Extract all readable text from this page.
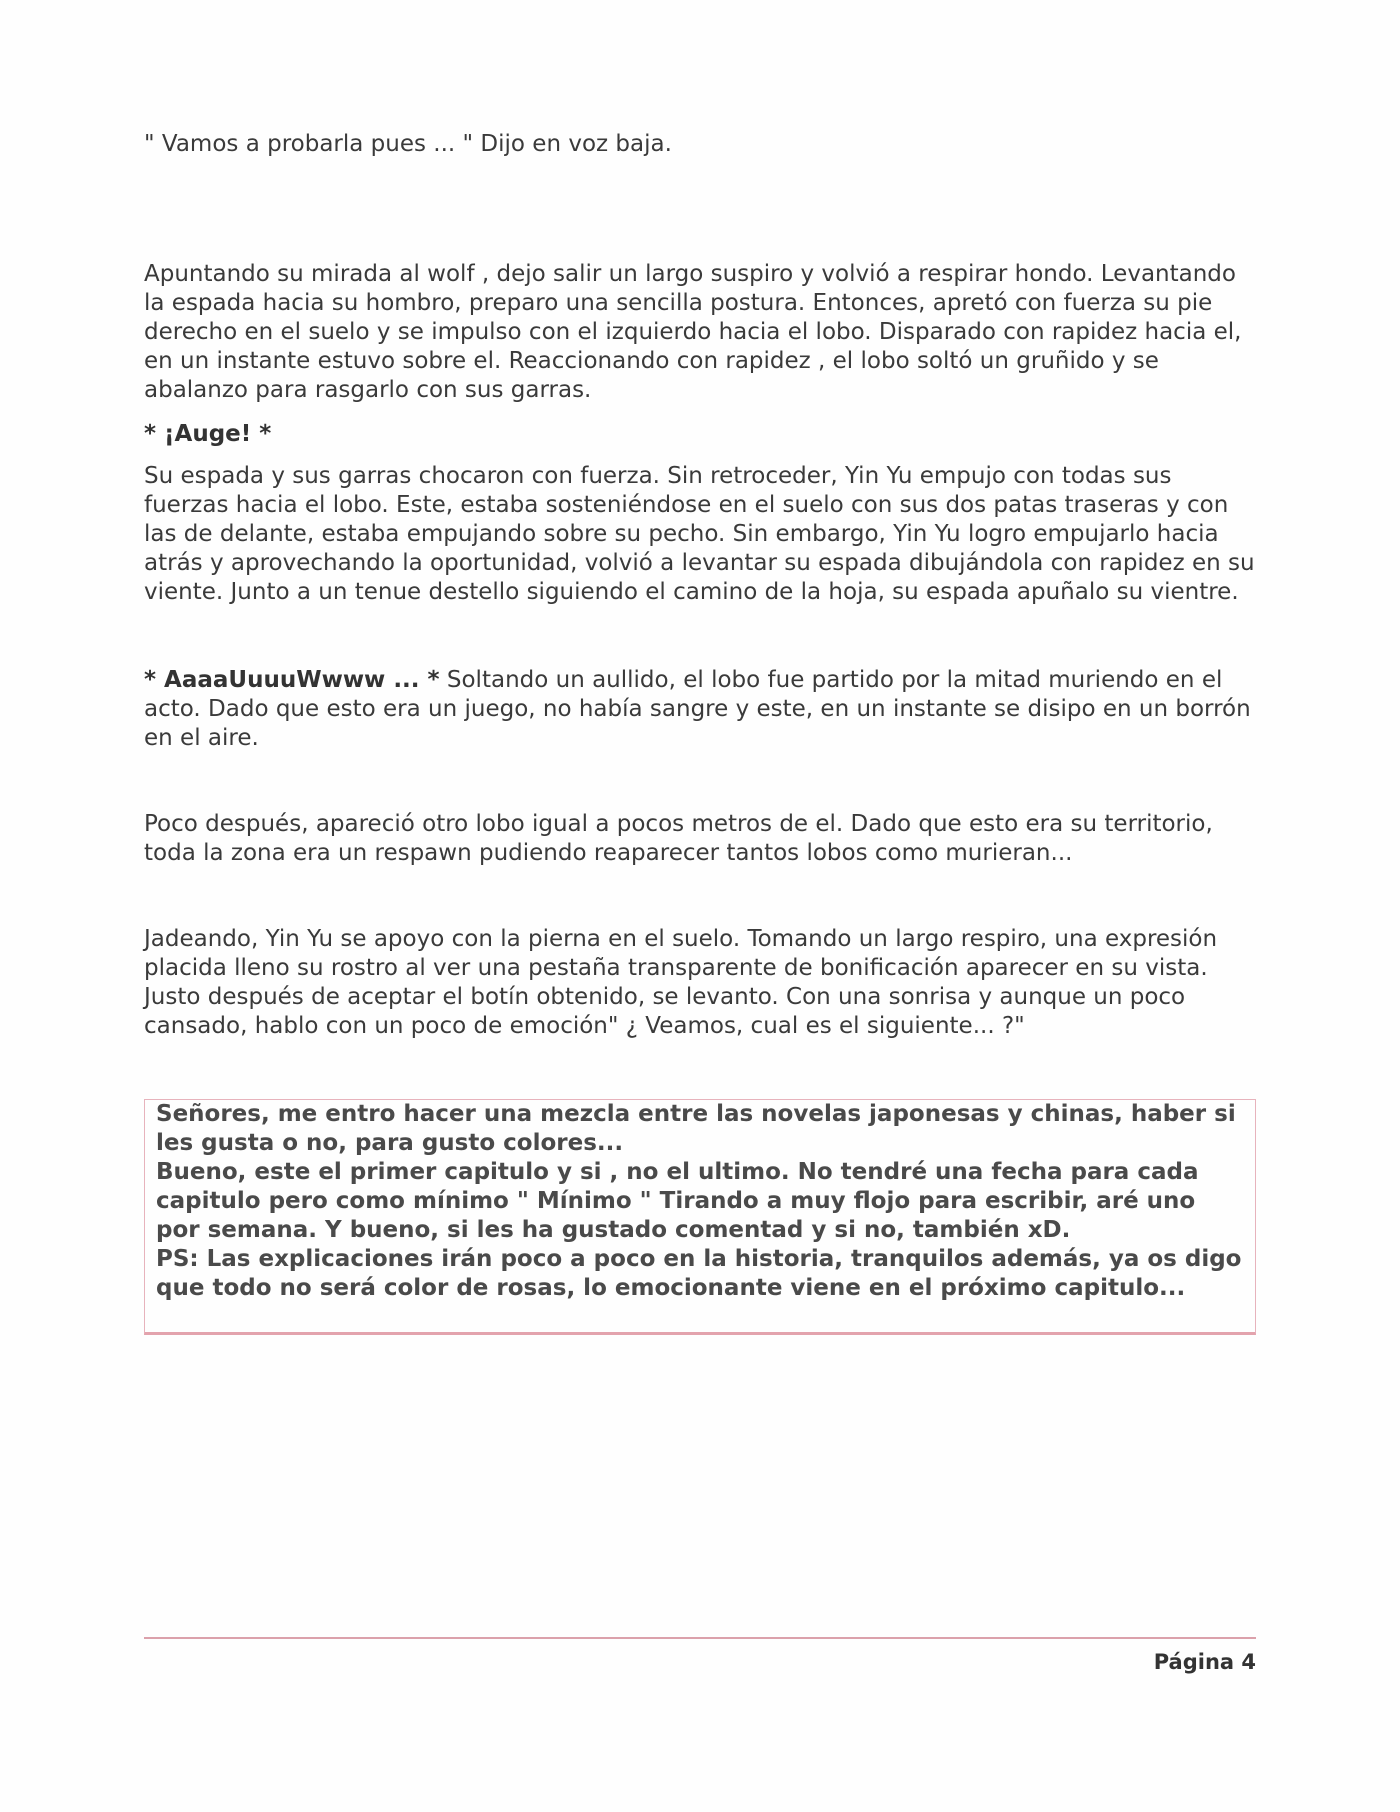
" Vamos a probarla pues ... " Dijo en voz baja.

Apuntando su mirada al wolf , dejo salir un largo suspiro y volvió a respirar hondo. Levantando la espada hacia su hombro, preparo una sencilla postura. Entonces, apretó con fuerza su pie derecho en el suelo y se impulso con el izquierdo hacia el lobo. Disparado con rapidez hacia el, en un instante estuvo sobre el. Reaccionando con rapidez , el lobo soltó un gruñido y se abalanzo para rasgarlo con sus garras.

* ¡Auge! *

Su espada y sus garras chocaron con fuerza. Sin retroceder, Yin Yu empujo con todas sus fuerzas hacia el lobo. Este, estaba sosteniéndose en el suelo con sus dos patas traseras y con las de delante, estaba empujando sobre su pecho. Sin embargo, Yin Yu logro empujarlo hacia atrás y aprovechando la oportunidad, volvió a levantar su espada dibujándola con rapidez en su viente. Junto a un tenue destello siguiendo el camino de la hoja, su espada apuñalo su vientre.

* AaaaUuuuWwww ... * Soltando un aullido, el lobo fue partido por la mitad muriendo en el acto. Dado que esto era un juego, no había sangre y este, en un instante se disipo en un borrón en el aire.

Poco después, apareció otro lobo igual a pocos metros de el. Dado que esto era su territorio, toda la zona era un respawn pudiendo reaparecer tantos lobos como murieran...

Jadeando, Yin Yu se apoyo con la pierna en el suelo. Tomando un largo respiro, una expresión placida lleno su rostro al ver una pestaña transparente de bonificación aparecer en su vista. Justo después de aceptar el botín obtenido, se levanto. Con una sonrisa y aunque un poco cansado, hablo con un poco de emoción" ¿ Veamos, cual es el siguiente... ?"

Señores, me entro hacer una mezcla entre las novelas japonesas y chinas, haber si les gusta o no, para gusto colores...

Bueno, este el primer capitulo y si , no el ultimo. No tendré una fecha para cada capitulo pero como mínimo " Mínimo " Tirando a muy flojo para escribir, aré uno por semana. Y bueno, si les ha gustado comentad y si no, también xD.

PS: Las explicaciones irán poco a poco en la historia, tranquilos además, ya os digo que todo no será color de rosas, lo emocionante viene en el próximo capitulo...

Página 4
